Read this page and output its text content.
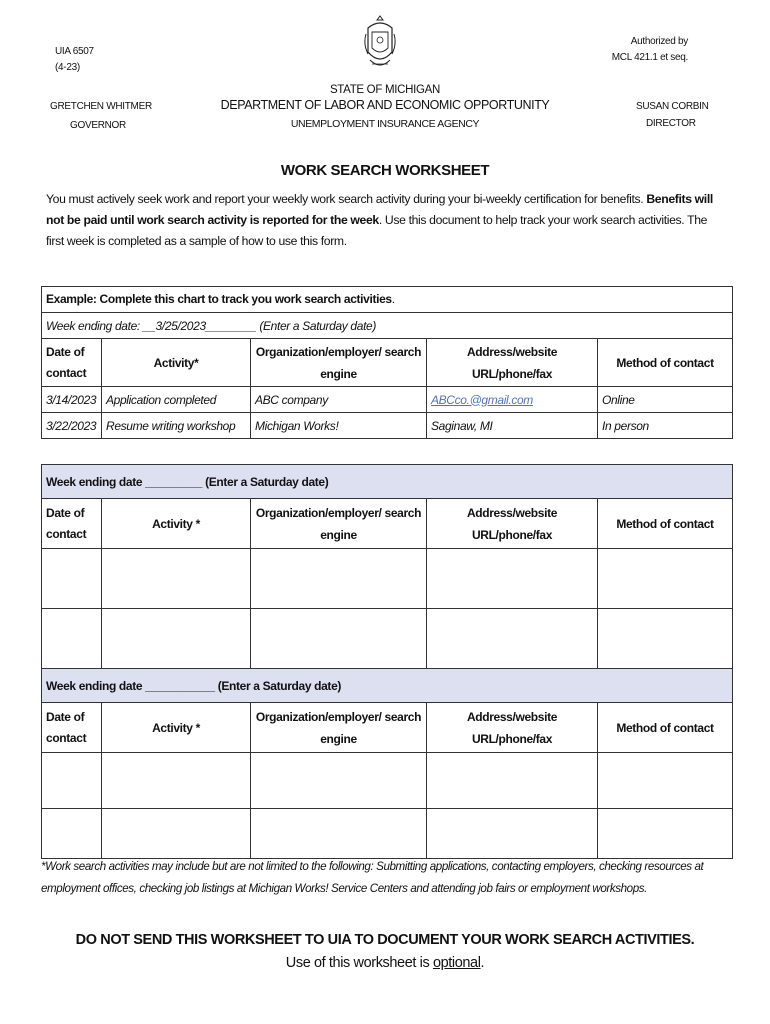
UIA 6507
(4-23)
Authorized by
MCL 421.1 et seq.
STATE OF MICHIGAN
DEPARTMENT OF LABOR AND ECONOMIC OPPORTUNITY
UNEMPLOYMENT INSURANCE AGENCY
GRETCHEN WHITMER
GOVERNOR
SUSAN CORBIN
DIRECTOR
WORK SEARCH WORKSHEET
You must actively seek work and report your weekly work search activity during your bi-weekly certification for benefits. Benefits will not be paid until work search activity is reported for the week. Use this document to help track your work search activities. The first week is completed as a sample of how to use this form.
Example: Complete this chart to track you work search activities.				
Week ending date: __3/25/2023________ (Enter a Saturday date)				
Date of contact	Activity*	Organization/employer/ search engine	Address/website URL/phone/fax	Method of contact
3/14/2023	Application completed	ABC company	ABCco.@gmail.com	Online
3/22/2023	Resume writing workshop	Michigan Works!	Saginaw, MI	In person
Week ending date _________ (Enter a Saturday date)				
Date of contact	Activity *	Organization/employer/ search engine	Address/website URL/phone/fax	Method of contact

Week ending date ___________ (Enter a Saturday date)				
Date of contact	Activity *	Organization/employer/ search engine	Address/website URL/phone/fax	Method of contact

*Work search activities may include but are not limited to the following: Submitting applications, contacting employers, checking resources at employment offices, checking job listings at Michigan Works! Service Centers and attending job fairs or employment workshops.
DO NOT SEND THIS WORKSHEET TO UIA TO DOCUMENT YOUR WORK SEARCH ACTIVITIES.
Use of this worksheet is optional.
